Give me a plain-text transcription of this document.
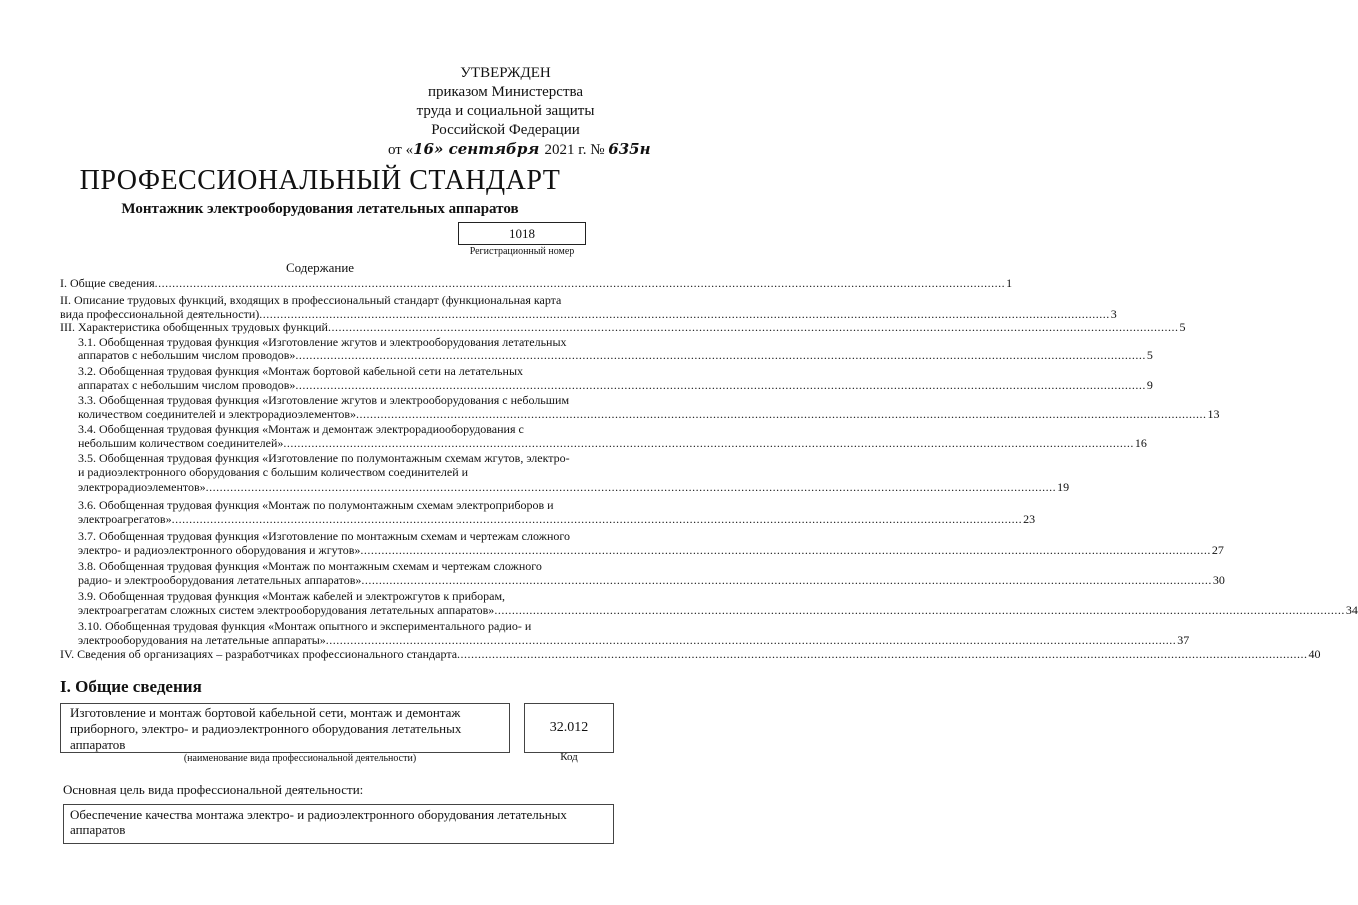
УТВЕРЖДЕН
приказом Министерства
труда и социальной защиты
Российской Федерации
от «16» сентября 2021 г. № 635н
ПРОФЕССИОНАЛЬНЫЙ СТАНДАРТ
Монтажник электрооборудования летательных аппаратов
1018
Регистрационный номер
Содержание
I. Общие сведения .....	1
II. Описание трудовых функций, входящих в профессиональный стандарт (функциональная карта
вида профессиональной деятельности) .....	3
III. Характеристика обобщенных трудовых функций .....	5
3.1. Обобщенная трудовая функция «Изготовление жгутов и электрооборудования летательных
аппаратов с небольшим числом проводов» .....	5
3.2. Обобщенная трудовая функция «Монтаж бортовой кабельной сети на летательных
аппаратах с небольшим числом проводов» .....	9
3.3. Обобщенная трудовая функция «Изготовление жгутов и электрооборудования с небольшим
количеством соединителей и электрорадиоэлементов» .....	13
3.4. Обобщенная трудовая функция «Монтаж и демонтаж электрорадиооборудования с
небольшим количеством соединителей» .....	16
3.5. Обобщенная трудовая функция «Изготовление по полумонтажным схемам жгутов, электро-
и радиоэлектронного оборудования с большим количеством соединителей и
электрорадиоэлементов» .....	19
3.6. Обобщенная трудовая функция «Монтаж по полумонтажным схемам электроприборов и
электроагрегатов» .....	23
3.7. Обобщенная трудовая функция «Изготовление по монтажным схемам и чертежам сложного
электро- и радиоэлектронного оборудования и жгутов» .....	27
3.8. Обобщенная трудовая функция «Монтаж по монтажным схемам и чертежам сложного
радио- и электрооборудования летательных аппаратов» .....	30
3.9. Обобщенная трудовая функция «Монтаж кабелей и электрожгутов к приборам,
электроагрегатам сложных систем электрооборудования летательных аппаратов» .....	34
3.10. Обобщенная трудовая функция «Монтаж опытного и экспериментального радио- и
электрооборудования на летательные аппараты» .....	37
IV. Сведения об организациях – разработчиках профессионального стандарта .....	40
I. Общие сведения
Изготовление и монтаж бортовой кабельной сети, монтаж и демонтаж приборного, электро- и радиоэлектронного оборудования летательных аппаратов
32.012
(наименование вида профессиональной деятельности)	Код
Основная цель вида профессиональной деятельности:
Обеспечение качества монтажа электро- и радиоэлектронного оборудования летательных аппаратов
